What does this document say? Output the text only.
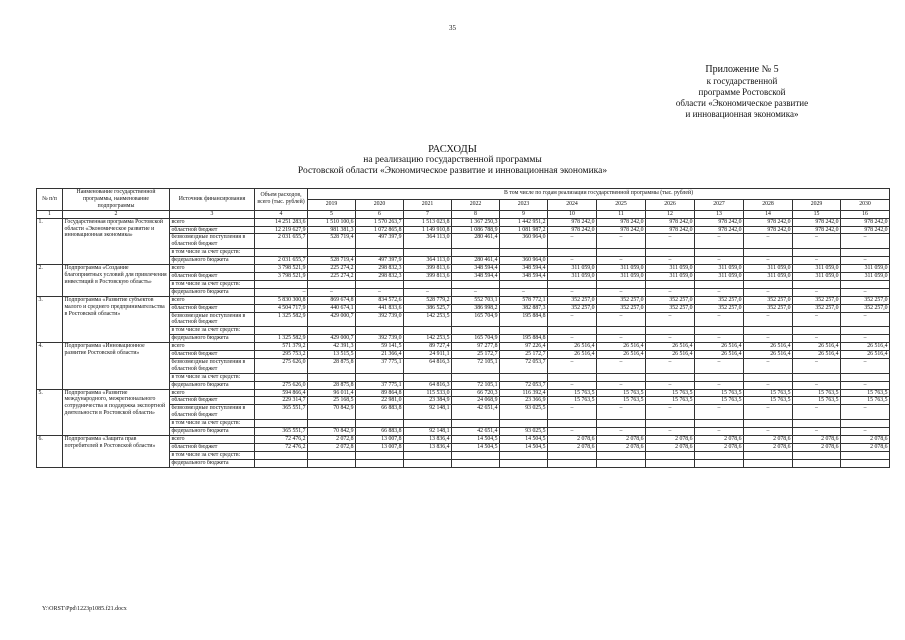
35
Приложение № 5
к государственной
программе Ростовской
области «Экономическое развитие
и инновационная экономика»
РАСХОДЫ
на реализацию государственной программы
Ростовской области «Экономическое развитие и инновационная экономика»
№ п/п	Наименование государственной программы, наименование подпрограммы	Источник финансирования	Объем расходов, всего (тыс. рублей)	В том числе по годам реализации государственной программы (тыс. рублей)											
				2019	2020	2021	2022	2023	2024	2025	2026	2027	2028	2029	2030
1	2	3	4	5	6	7	8	9	10	11	12	13	14	15	16
1.	Государственная программа Ростовской области «Экономическое развитие и инновационная экономика»	всего	14 251 283,6	1 510 100,6	1 570 263,7	1 513 023,8	1 367 250,3	1 442 951,2	978 242,0	978 242,0	978 242,0	978 242,0	978 242,0	978 242,0	978 242,0
		областной бюджет	12 219 627,9	981 381,3	1 072 865,8	1 149 910,8	1 086 788,9	1 081 987,2	978 242,0	978 242,0	978 242,0	978 242,0	978 242,0	978 242,0	978 242,0
		безвозмездные поступления в областной бюджет	2 031 655,7	528 719,4	497 397,9	364 113,0	280 461,4	360 964,0	–	–	–	–	–	–	–
		в том числе за счет средств:													
		федерального бюджета	2 031 655,7	528 719,4	497 397,9	364 113,0	280 461,4	360 964,0	–	–	–	–	–	–	–
2.	Подпрограмма «Создание благоприятных условий для привлечения инвестиций в Ростовскую область»	всего	3 798 521,9	225 274,2	298 832,3	399 813,6	348 594,4	348 594,4	311 059,0	311 059,0	311 059,0	311 059,0	311 059,0	311 059,0	311 059,0
		областной бюджет	3 798 521,9	225 274,2	298 832,3	399 813,6	348 594,4	348 594,4	311 059,0	311 059,0	311 059,0	311 059,0	311 059,0	311 059,0	311 059,0
		в том числе за счет средств:													
		федерального бюджета	–	–	–	–	–	–	–	–	–	–	–	–	–
3.	Подпрограмма «Развитие субъектов малого и среднего предпринимательства в Ростовской области»	всего	5 830 300,8	869 674,8	834 572,6	528 779,2	552 703,1	578 772,1	352 257,0	352 257,0	352 257,0	352 257,0	352 257,0	352 257,0	352 257,0
		областной бюджет	4 504 717,9	440 674,1	441 833,6	386 525,7	386 998,2	382 887,3	352 257,0	352 257,0	352 257,0	352 257,0	352 257,0	352 257,0	352 257,0
		безвозмездные поступления в областной бюджет	1 325 582,9	429 000,7	392 739,0	142 253,5	165 704,9	195 884,8	–	–	–	–	–	–	–
		в том числе за счет средств:													
		федерального бюджета	1 325 582,9	429 000,7	392 739,0	142 253,5	165 704,9	195 884,8	–	–	–	–	–	–	–
4.	Подпрограмма «Инновационное развитие Ростовской области»	всего	571 379,2	42 391,3	59 141,5	89 727,4	97 277,8	97 226,4	26 516,4	26 516,4	26 516,4	26 516,4	26 516,4	26 516,4	26 516,4
		областной бюджет	295 753,2	13 515,5	21 366,4	24 911,1	25 172,7	25 172,7	26 516,4	26 516,4	26 516,4	26 516,4	26 516,4	26 516,4	26 516,4
		безвозмездные поступления в областной бюджет	275 626,0	28 875,8	37 775,1	64 816,3	72 105,1	72 053,7	–	–	–	–	–	–	–
		в том числе за счет средств:													
		федерального бюджета	275 626,0	28 875,8	37 775,1	64 816,3	72 105,1	72 053,7	–	–	–	–	–	–	–
5.	Подпрограмма «Развитие международного, межрегионального сотрудничества и поддержка экспортной деятельности в Ростовской области»	всего	594 866,4	96 011,4	89 864,8	115 533,0	66 720,3	116 392,4	15 763,5	15 763,5	15 763,5	15 763,5	15 763,5	15 763,5	15 763,5
		областной бюджет	229 314,7	25 168,5	22 981,0	23 384,9	24 068,9	23 366,9	15 763,5	15 763,5	15 763,5	15 763,5	15 763,5	15 763,5	15 763,5
		безвозмездные поступления в областной бюджет	365 551,7	70 842,9	66 883,8	92 148,1	42 651,4	93 025,5	–	–	–	–	–	–	–
		в том числе за счет средств:													
		федерального бюджета	365 551,7	70 842,9	66 883,8	92 148,1	42 651,4	93 025,5	–	–	–	–	–	–	–
6.	Подпрограмма «Защита прав потребителей в Ростовской области»	всего	72 476,2	2 072,8	13 007,8	13 836,4	14 504,5	14 504,5	2 078,6	2 078,6	2 078,6	2 078,6	2 078,6	2 078,6	2 078,6
		областной бюджет	72 476,2	2 072,8	13 007,8	13 836,4	14 504,5	14 504,5	2 078,6	2 078,6	2 078,6	2 078,6	2 078,6	2 078,6	2 078,6
		в том числе за счет средств:													
		федерального бюджета													
Y:\ORST\Ppd\1223p1085.f21.docx
